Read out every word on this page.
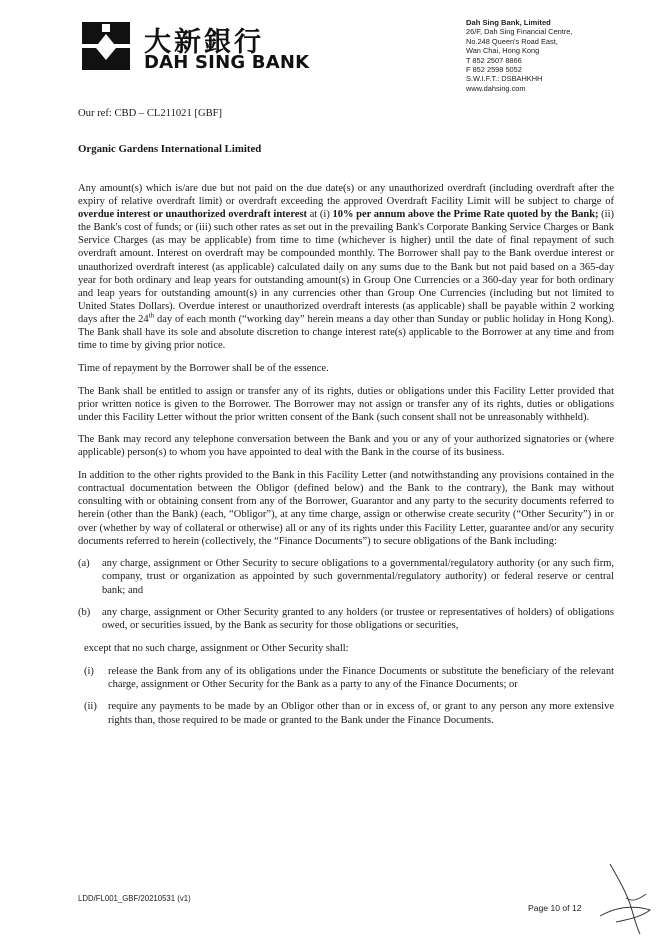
大新銀行
DAH SING BANK
Dah Sing Bank, Limited
26/F, Dah Sing Financial Centre,
No.248 Queen's Road East,
Wan Chai, Hong Kong
T 852 2507 8866
F 852 2598 5052
S.W.I.F.T.: DSBAHKHH
www.dahsing.com
Our ref: CBD – CL211021 [GBF]
Organic Gardens International Limited

Any amount(s) which is/are due but not paid on the due date(s) or any unauthorized overdraft (including overdraft after the expiry of relative overdraft limit) or overdraft exceeding the approved Overdraft Facility Limit will be subject to charge of overdue interest or unauthorized overdraft interest at (i) 10% per annum above the Prime Rate quoted by the Bank; (ii) the Bank's cost of funds; or (iii) such other rates as set out in the prevailing Bank's Corporate Banking Service Charges or Bank Service Charges (as may be applicable) from time to time (whichever is higher) until the date of final repayment of such overdraft amount. Interest on overdraft may be compounded monthly. The Borrower shall pay to the Bank overdue interest or unauthorized overdraft interest (as applicable) calculated daily on any sums due to the Bank but not paid based on a 365-day year for both ordinary and leap years for outstanding amount(s) in Group One Currencies or a 360-day year for both ordinary and leap years for outstanding amount(s) in any currencies other than Group One Currencies (including but not limited to United States Dollars). Overdue interest or unauthorized overdraft interests (as applicable) shall be payable within 2 working days after the 24th day of each month (“working day” herein means a day other than Sunday or public holiday in Hong Kong). The Bank shall have its sole and absolute discretion to change interest rate(s) applicable to the Borrower at any time and from time to time by giving prior notice.

Time of repayment by the Borrower shall be of the essence.

The Bank shall be entitled to assign or transfer any of its rights, duties or obligations under this Facility Letter provided that prior written notice is given to the Borrower. The Borrower may not assign or transfer any of its rights, duties or obligations under this Facility Letter without the prior written consent of the Bank (such consent shall not be unreasonably withheld).

The Bank may record any telephone conversation between the Bank and you or any of your authorized signatories or (where applicable) person(s) to whom you have appointed to deal with the Bank in the course of its business.

In addition to the other rights provided to the Bank in this Facility Letter (and notwithstanding any provisions contained in the contractual documentation between the Obligor (defined below) and the Bank to the contrary), the Bank may without consulting with or obtaining consent from any of the Borrower, Guarantor and any party to the security documents referred to herein (other than the Bank) (each, “Obligor”), at any time charge, assign or otherwise create security (“Other Security”) in or over (whether by way of collateral or otherwise) all or any of its rights under this Facility Letter, guarantee and/or any security documents referred to herein (collectively, the “Finance Documents”) to secure obligations of the Bank including:

(a)	any charge, assignment or Other Security to secure obligations to a governmental/regulatory authority (or any such firm, company, trust or organization as appointed by such governmental/regulatory authority) or federal reserve or central bank; and
(b)	any charge, assignment or Other Security granted to any holders (or trustee or representatives of holders) of obligations owed, or securities issued, by the Bank as security for those obligations or securities,

except that no such charge, assignment or Other Security shall:

(i)	release the Bank from any of its obligations under the Finance Documents or substitute the beneficiary of the relevant charge, assignment or Other Security for the Bank as a party to any of the Finance Documents; or
(ii)	require any payments to be made by an Obligor other than or in excess of, or grant to any person any more extensive rights than, those required to be made or granted to the Bank under the Finance Documents.
LDD/FL001_GBF/20210531 (v1)
Page 10 of 12
